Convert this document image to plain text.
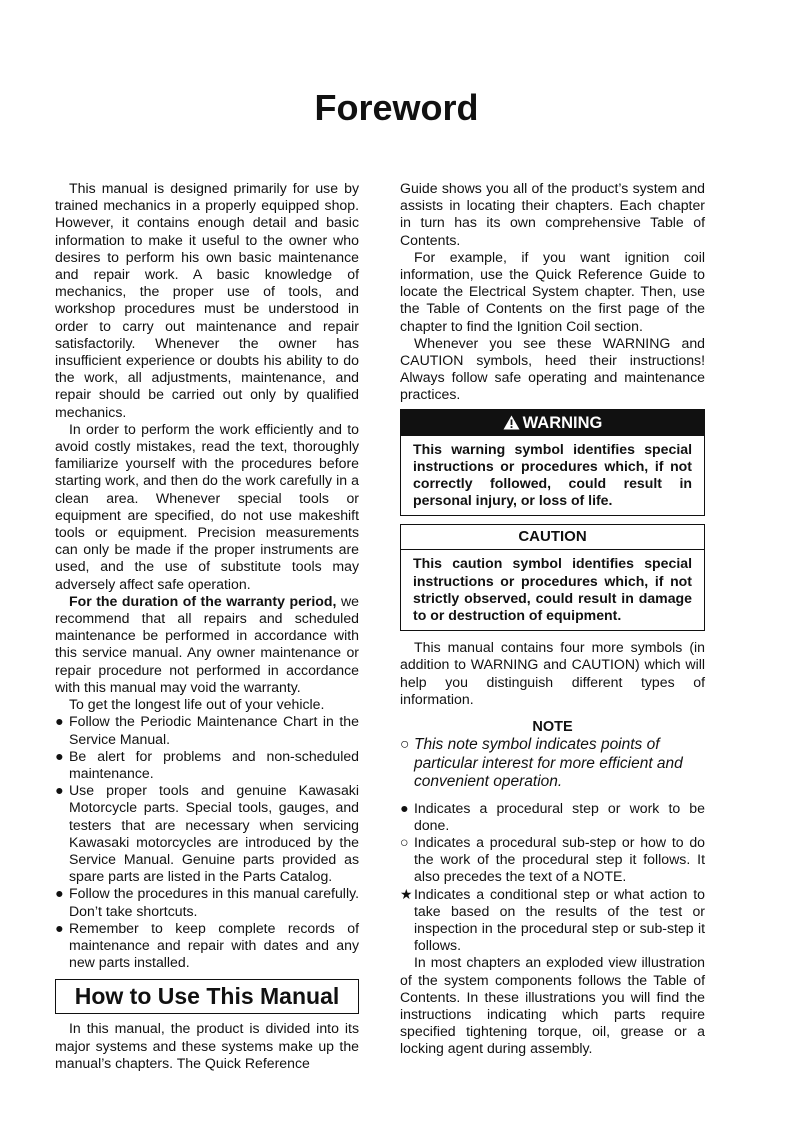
Foreword

This manual is designed primarily for use by trained mechanics in a properly equipped shop. However, it contains enough detail and basic information to make it useful to the owner who desires to perform his own basic maintenance and repair work. A basic knowledge of mechanics, the proper use of tools, and workshop procedures must be understood in order to carry out maintenance and repair satisfactorily. Whenever the owner has insufficient experience or doubts his ability to do the work, all adjustments, maintenance, and repair should be carried out only by qualified mechanics.

In order to perform the work efficiently and to avoid costly mistakes, read the text, thoroughly familiarize yourself with the procedures before starting work, and then do the work carefully in a clean area. Whenever special tools or equipment are specified, do not use makeshift tools or equipment. Precision measurements can only be made if the proper instruments are used, and the use of substitute tools may adversely affect safe operation.

For the duration of the warranty period, we recommend that all repairs and scheduled maintenance be performed in accordance with this service manual. Any owner maintenance or repair procedure not performed in accordance with this manual may void the warranty.

To get the longest life out of your vehicle.

● Follow the Periodic Maintenance Chart in the Service Manual.
● Be alert for problems and non-scheduled maintenance.
● Use proper tools and genuine Kawasaki Motorcycle parts. Special tools, gauges, and testers that are necessary when servicing Kawasaki motorcycles are introduced by the Service Manual. Genuine parts provided as spare parts are listed in the Parts Catalog.
● Follow the procedures in this manual carefully. Don’t take shortcuts.
● Remember to keep complete records of maintenance and repair with dates and any new parts installed.
How to Use This Manual

In this manual, the product is divided into its major systems and these systems make up the manual’s chapters. The Quick Reference

Guide shows you all of the product’s system and assists in locating their chapters. Each chapter in turn has its own comprehensive Table of Contents.

For example, if you want ignition coil information, use the Quick Reference Guide to locate the Electrical System chapter. Then, use the Table of Contents on the first page of the chapter to find the Ignition Coil section.

Whenever you see these WARNING and CAUTION symbols, heed their instructions! Always follow safe operating and maintenance practices.

WARNING
This warning symbol identifies special instructions or procedures which, if not correctly followed, could result in personal injury, or loss of life.
CAUTION
This caution symbol identifies special instructions or procedures which, if not strictly observed, could result in damage to or destruction of equipment.

This manual contains four more symbols (in addition to WARNING and CAUTION) which will help you distinguish different types of information.

NOTE
○ This note symbol indicates points of particular interest for more efficient and convenient operation.
● Indicates a procedural step or work to be done.
○ Indicates a procedural sub-step or how to do the work of the procedural step it follows. It also precedes the text of a NOTE.
★ Indicates a conditional step or what action to take based on the results of the test or inspection in the procedural step or sub-step it follows.

In most chapters an exploded view illustration of the system components follows the Table of Contents. In these illustrations you will find the instructions indicating which parts require specified tightening torque, oil, grease or a locking agent during assembly.
